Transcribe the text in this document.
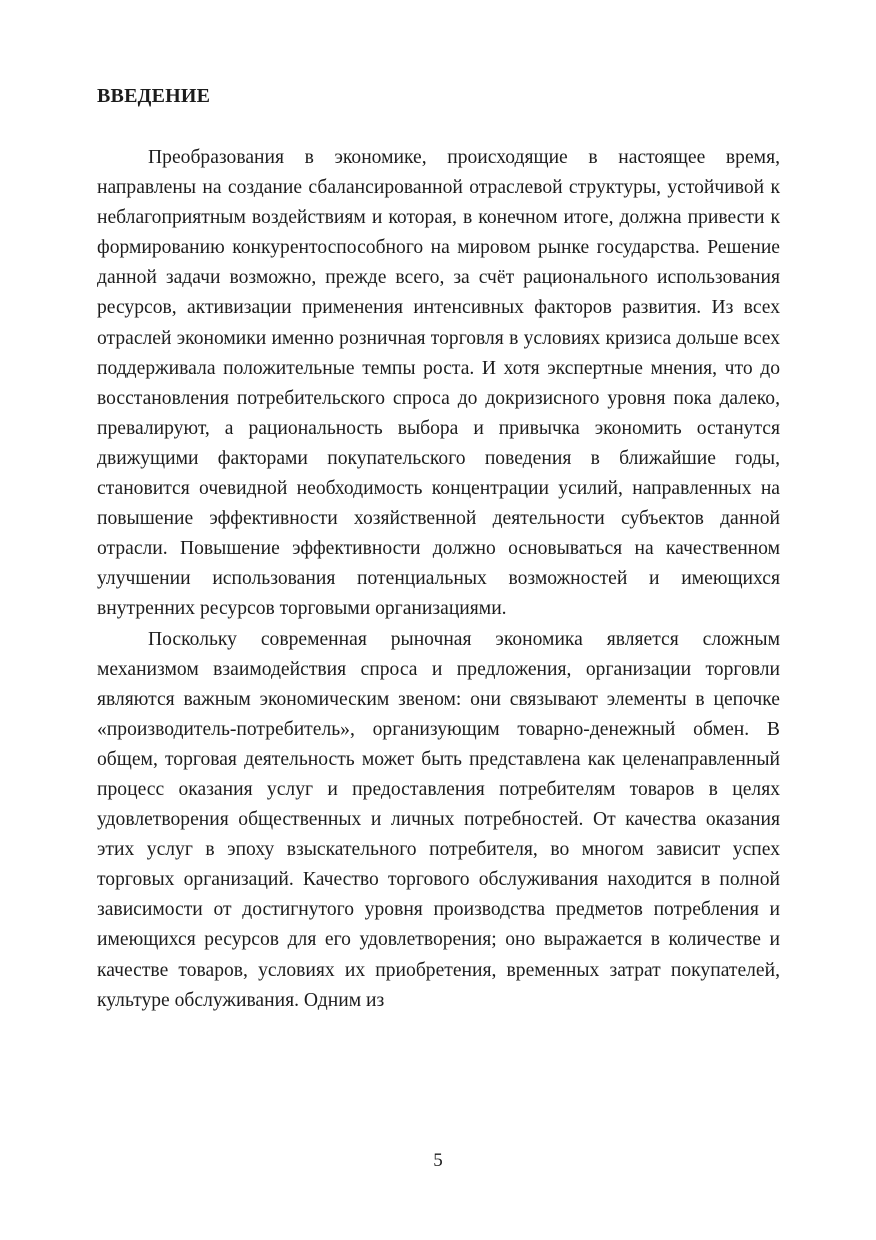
ВВЕДЕНИЕ

Преобразования в экономике, происходящие в настоящее время, направлены на создание сбалансированной отраслевой структуры, устойчивой к неблагоприятным воздействиям и которая, в конечном итоге, должна привести к формированию конкурентоспособного на мировом рынке государства. Решение данной задачи возможно, прежде всего, за счёт рационального использования ресурсов, активизации применения интенсивных факторов развития. Из всех отраслей экономики именно розничная торговля в условиях кризиса дольше всех поддерживала положительные темпы роста. И хотя экспертные мнения, что до восстановления потребительского спроса до докризисного уровня пока далеко, превалируют, а рациональность выбора и привычка экономить останутся движущими факторами покупательского поведения в ближайшие годы, становится очевидной необходимость концентрации усилий, направленных на повышение эффективности хозяйственной деятельности субъектов данной отрасли. Повышение эффективности должно основываться на качественном улучшении использования потенциальных возможностей и имеющихся внутренних ресурсов торговыми организациями.

Поскольку современная рыночная экономика является сложным механизмом взаимодействия спроса и предложения, организации торговли являются важным экономическим звеном: они связывают элементы в цепочке «производитель-потребитель», организующим товарно-денежный обмен. В общем, торговая деятельность может быть представлена как целенаправленный процесс оказания услуг и предоставления потребителям товаров в целях удовлетворения общественных и личных потребностей. От качества оказания этих услуг в эпоху взыскательного потребителя, во многом зависит успех торговых организаций. Качество торгового обслуживания находится в полной зависимости от достигнутого уровня производства предметов потребления и имеющихся ресурсов для его удовлетворения; оно выражается в количестве и качестве товаров, условиях их приобретения, временных затрат покупателей, культуре обслуживания. Одним из

5
